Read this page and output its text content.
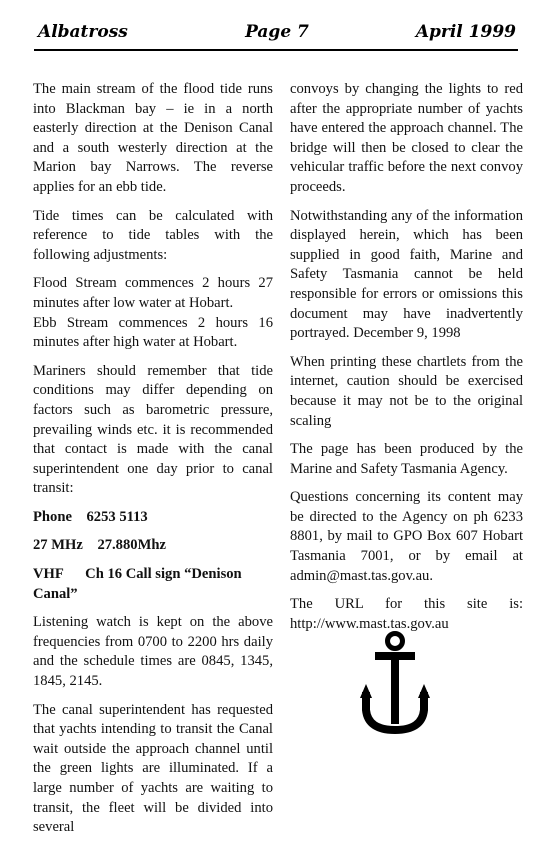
Albatross	Page 7	April 1999

The main stream of the flood tide runs into Blackman bay – ie in a north easterly direction at the Denison Canal and a south westerly direction at the Marion bay Narrows. The reverse applies for an ebb tide.

Tide times can be calculated with reference to tide tables with the following adjustments:

Flood Stream commences 2 hours 27 minutes after low water at Hobart.

Ebb Stream commences 2 hours 16 minutes after high water at Hobart.

Mariners should remember that tide conditions may differ depending on factors such as barometric pressure, prevailing winds etc. it is recommended that contact is made with the canal superintendent one day prior to canal transit:

Phone    6253 5113

27 MHz    27.880Mhz

VHF      Ch 16 Call sign “Denison Canal”

Listening watch is kept on the above frequencies from 0700 to 2200 hrs daily and the schedule times are 0845, 1345, 1845, 2145.

The canal superintendent has requested that yachts intending to transit the Canal wait outside the approach channel until the green lights are illuminated. If a large number of yachts are waiting to transit, the fleet will be divided into several

convoys by changing the lights to red after the appropriate number of yachts have entered the approach channel. The bridge will then be closed to clear the vehicular traffic before the next convoy proceeds.

Notwithstanding any of the information displayed herein, which has been supplied in good faith, Marine and Safety Tasmania cannot be held responsible for errors or omissions this document may have inadvertently portrayed. December 9, 1998

When printing these chartlets from the internet, caution should be exercised because it may not be to the original scaling

The page has been produced by the Marine and Safety Tasmania Agency.

Questions concerning its content may be directed to the Agency on ph 6233 8801, by mail to GPO Box 607 Hobart Tasmania 7001, or by email at admin@mast.tas.gov.au.

The URL for this site is: http://www.mast.tas.gov.au
